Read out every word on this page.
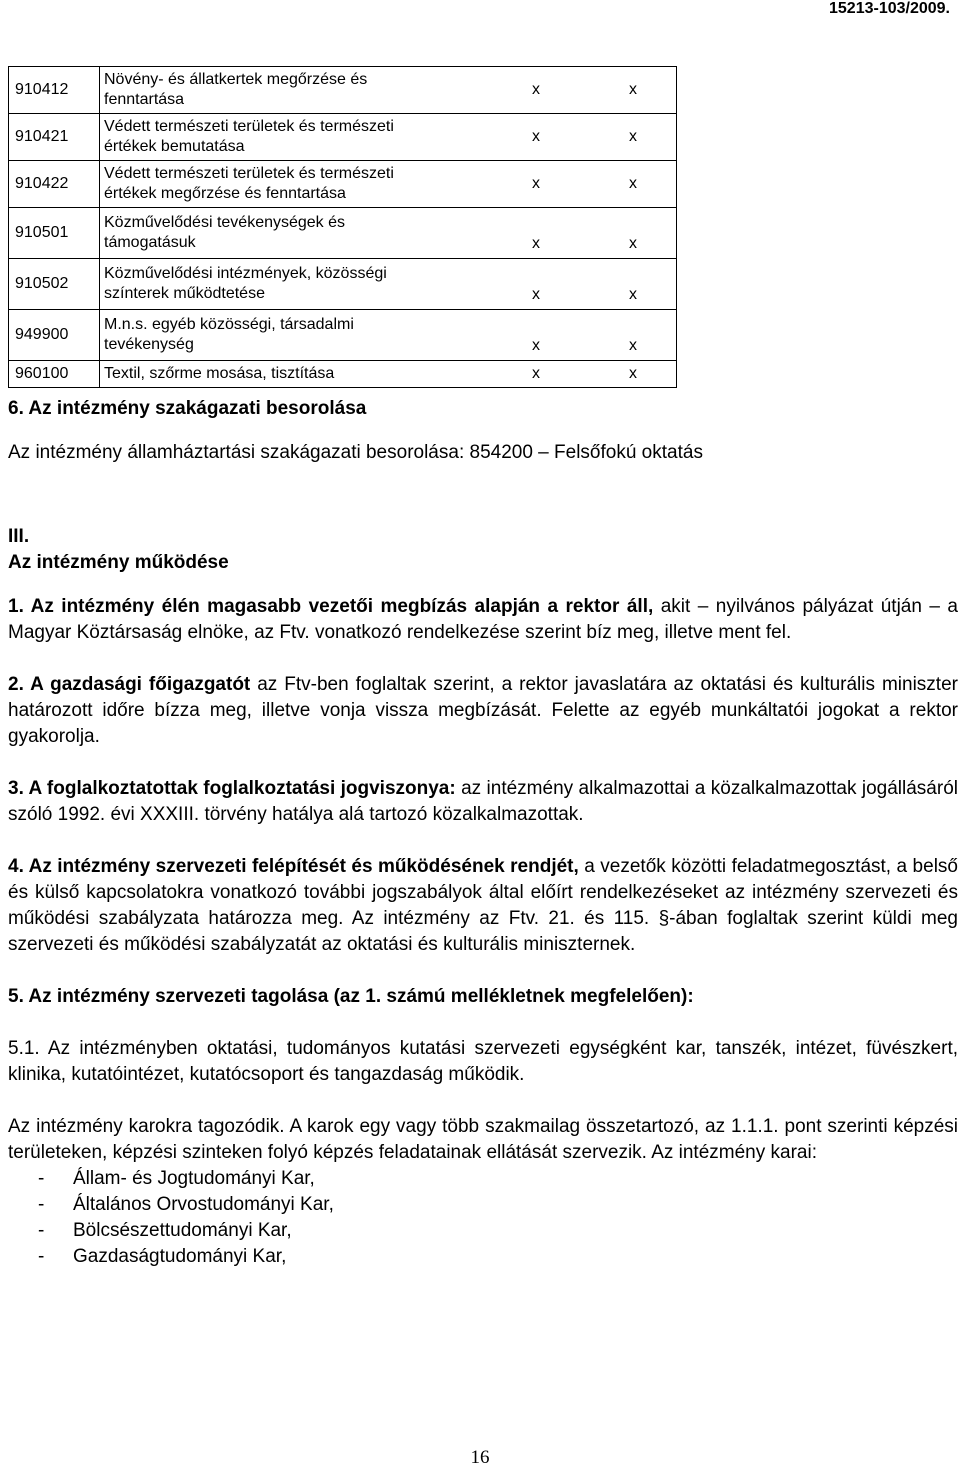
15213-103/2009.
910412	Növény- és állatkertek megőrzése és fenntartása	x	x
910421	Védett természeti területek és természeti értékek bemutatása	x	x
910422	Védett természeti területek és természeti értékek megőrzése és fenntartása	x	x
910501	Közművelődési tevékenységek és támogatásuk	x	x
910502	Közművelődési intézmények, közösségi színterek működtetése	x	x
949900	M.n.s. egyéb közösségi, társadalmi tevékenység	x	x
960100	Textil, szőrme mosása, tisztítása	x	x

6. Az intézmény szakágazati besorolása

Az intézmény államháztartási szakágazati besorolása: 854200 – Felsőfokú oktatás

III.

Az intézmény működése

1. Az intézmény élén magasabb vezetői megbízás alapján a rektor áll, akit – nyilvános pályázat útján – a Magyar Köztársaság elnöke, az Ftv. vonatkozó rendelkezése szerint bíz meg, illetve ment fel.

2. A gazdasági főigazgatót az Ftv-ben foglaltak szerint, a rektor javaslatára az oktatási és kulturális miniszter határozott időre bízza meg, illetve vonja vissza megbízását. Felette az egyéb munkáltatói jogokat a rektor gyakorolja.

3. A foglalkoztatottak foglalkoztatási jogviszonya: az intézmény alkalmazottai a közalkalmazottak jogállásáról szóló 1992. évi XXXIII. törvény hatálya alá tartozó közalkalmazottak.

4. Az intézmény szervezeti felépítését és működésének rendjét, a vezetők közötti feladatmegosztást, a belső és külső kapcsolatokra vonatkozó további jogszabályok által előírt rendelkezéseket az intézmény szervezeti és működési szabályzata határozza meg. Az intézmény az Ftv. 21. és 115. §-ában foglaltak szerint küldi meg szervezeti és működési szabályzatát az oktatási és kulturális miniszternek.

5. Az intézmény szervezeti tagolása (az 1. számú mellékletnek megfelelően):

5.1. Az intézményben oktatási, tudományos kutatási szervezeti egységként kar, tanszék, intézet, füvészkert, klinika, kutatóintézet, kutatócsoport és tangazdaság működik.

Az intézmény karokra tagozódik. A karok egy vagy több szakmailag összetartozó, az 1.1.1. pont szerinti képzési területeken, képzési szinteken folyó képzés feladatainak ellátását szervezik. Az intézmény karai:

- Állam- és Jogtudományi Kar,
- Általános Orvostudományi Kar,
- Bölcsészettudományi Kar,
- Gazdaságtudományi Kar,
16
